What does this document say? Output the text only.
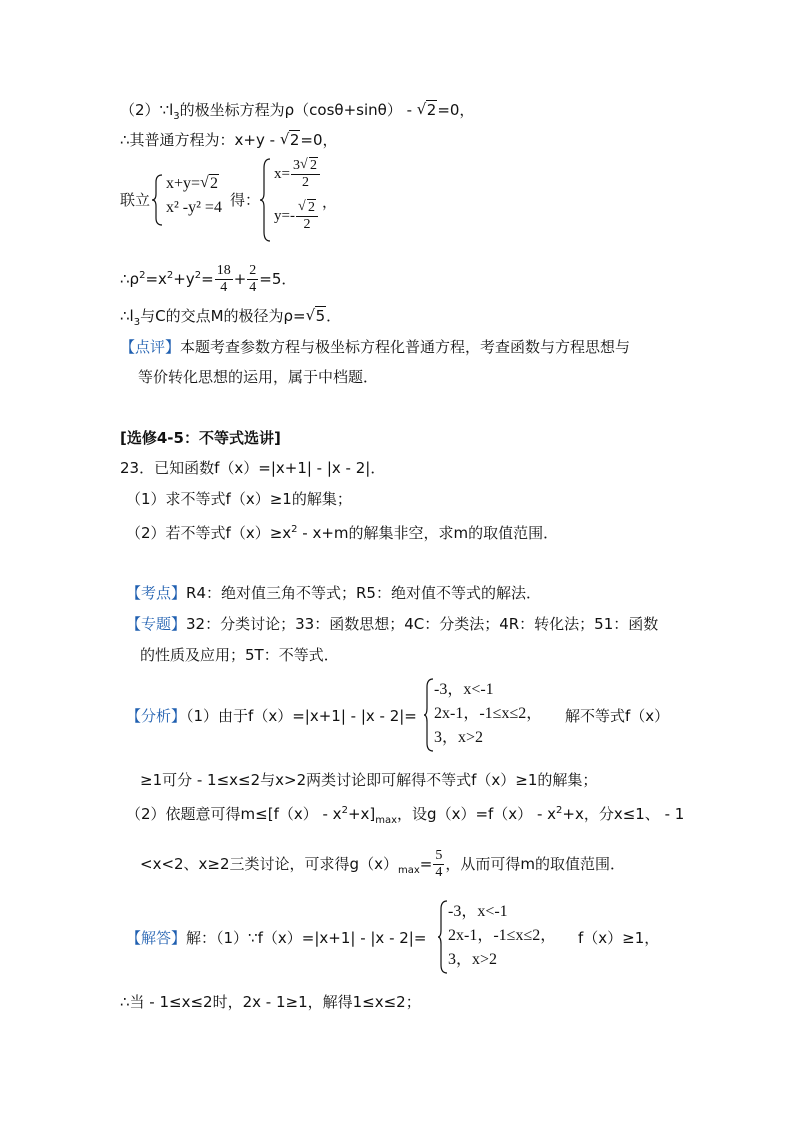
$(2)\because l_3$的极坐标方程为ρ（cosθ+sinθ） - √ 2=0，
∴其普通方程为：x+y - √ 2=0，
联立
x+y= √ 2
x² -y² =4 得：
$x= \frac{3 √ 2}{2}$
y=- √ $\frac{2}{2}$ ，
$\therefore\rho^2=x^2+y^2= \frac{18}{4} + \frac{2}{4} =5$．
$\therefore l_3$与C的交点M的极径为ρ= √ 5．
【点评】本题考查参数方程与极坐标方程化普通方程，考查函数与方程思想与
等价转化思想的运用，属于中档题．
[选修4-5：不等式选讲]
23．已知函数f（x）=|x+1| - |x - 2|．
（1）求不等式f（x）≥1的解集；
（2）若不等式$f(x)\ge x^2 - x+m$的解集非空，求m的取值范围．
【考点】R4：绝对值三角不等式；R5：绝对值不等式的解法．
【专题】32：分类讨论；33：函数思想；4C：分类法；4R：转化法；51：函数
的性质及应用；5T：不等式．
【分析】（1）由于f（x）=|x+1| - |x - 2|=
-3，x<-1
2x-1，-1≤x≤2，
3，x>2
解不等式f（x）
≥1可分 - 1≤x≤2与x>2两类讨论即可解得不等式f（x）≥1的解集；
（2）依题意可得$m\le[f(x) - x^2+x]_{max}$，设$g(x)=f(x) - x^2+x$，分x≤1、 - 1
<x<2、x≥2三类讨论，可求得$g(x)_{max}= \frac{5}{4}$ ，从而可得m的取值范围．
【解答】解：（1）∵f（x）=|x+1| - |x - 2|=
-3，x<-1
2x-1，-1≤x≤2，
3，x>2
f（x）≥1，
∴当 - 1≤x≤2时，2x - 1≥1，解得1≤x≤2；
